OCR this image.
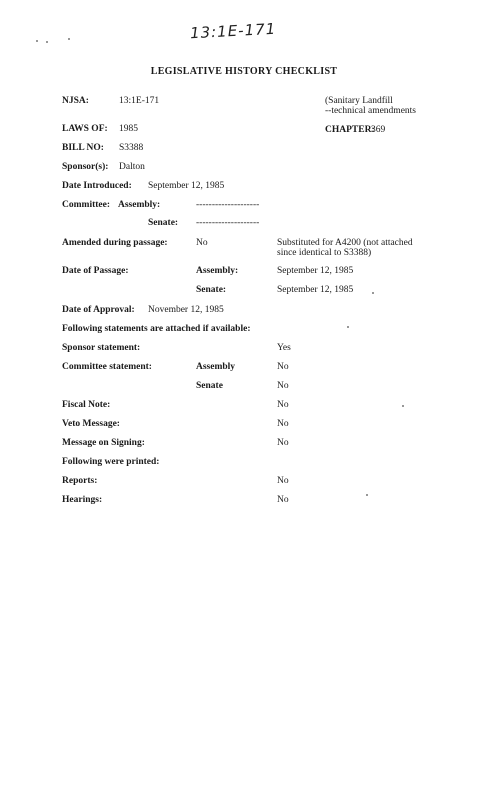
13:1E-171
LEGISLATIVE HISTORY CHECKLIST
NJSA:	13:1E-171	(Sanitary Landfill
--technical amendments
LAWS OF: 1985	CHAPTER:
369
BILL NO: S3388
Sponsor(s): Dalton
Date Introduced: September 12, 1985
Committee: Assembly:	--------------------
Senate: --------------------
Amended during passage:	No	Substituted for A4200 (not attached
since identical to S3388)
Date of Passage:	Assembly:	September 12, 1985
Senate:	September 12, 1985
Date of Approval: November 12, 1985
Following statements are attached if available:
Sponsor statement:	Yes
Committee statement:	Assembly	No
Senate	No
Fiscal Note:	No
Veto Message:	No
Message on Signing:	No
Following were printed:
Reports:	No
Hearings:	No
